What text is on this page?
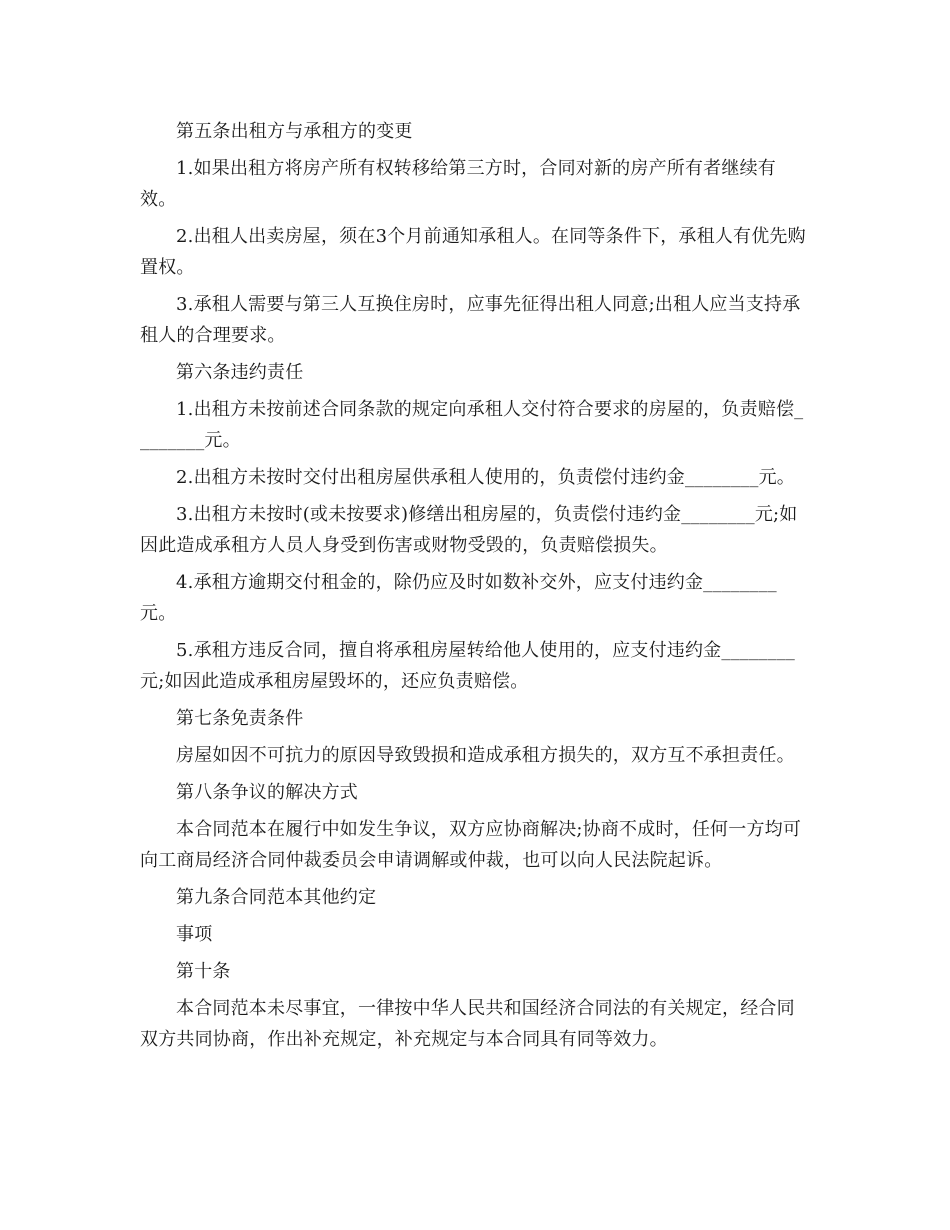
第五条出租方与承租方的变更

1.如果出租方将房产所有权转移给第三方时，合同对新的房产所有者继续有效。

2.出租人出卖房屋，须在3个月前通知承租人。在同等条件下，承租人有优先购置权。

3.承租人需要与第三人互换住房时，应事先征得出租人同意;出租人应当支持承租人的合理要求。

第六条违约责任

1.出租方未按前述合同条款的规定向承租人交付符合要求的房屋的，负责赔偿________元。

2.出租方未按时交付出租房屋供承租人使用的，负责偿付违约金________元。

3.出租方未按时(或未按要求)修缮出租房屋的，负责偿付违约金________元;如因此造成承租方人员人身受到伤害或财物受毁的，负责赔偿损失。

4.承租方逾期交付租金的，除仍应及时如数补交外，应支付违约金________元。

5.承租方违反合同，擅自将承租房屋转给他人使用的，应支付违约金________元;如因此造成承租房屋毁坏的，还应负责赔偿。

第七条免责条件

房屋如因不可抗力的原因导致毁损和造成承租方损失的，双方互不承担责任。

第八条争议的解决方式

本合同范本在履行中如发生争议，双方应协商解决;协商不成时，任何一方均可向工商局经济合同仲裁委员会申请调解或仲裁，也可以向人民法院起诉。

第九条合同范本其他约定

事项

第十条

本合同范本未尽事宜，一律按中华人民共和国经济合同法的有关规定，经合同双方共同协商，作出补充规定，补充规定与本合同具有同等效力。
